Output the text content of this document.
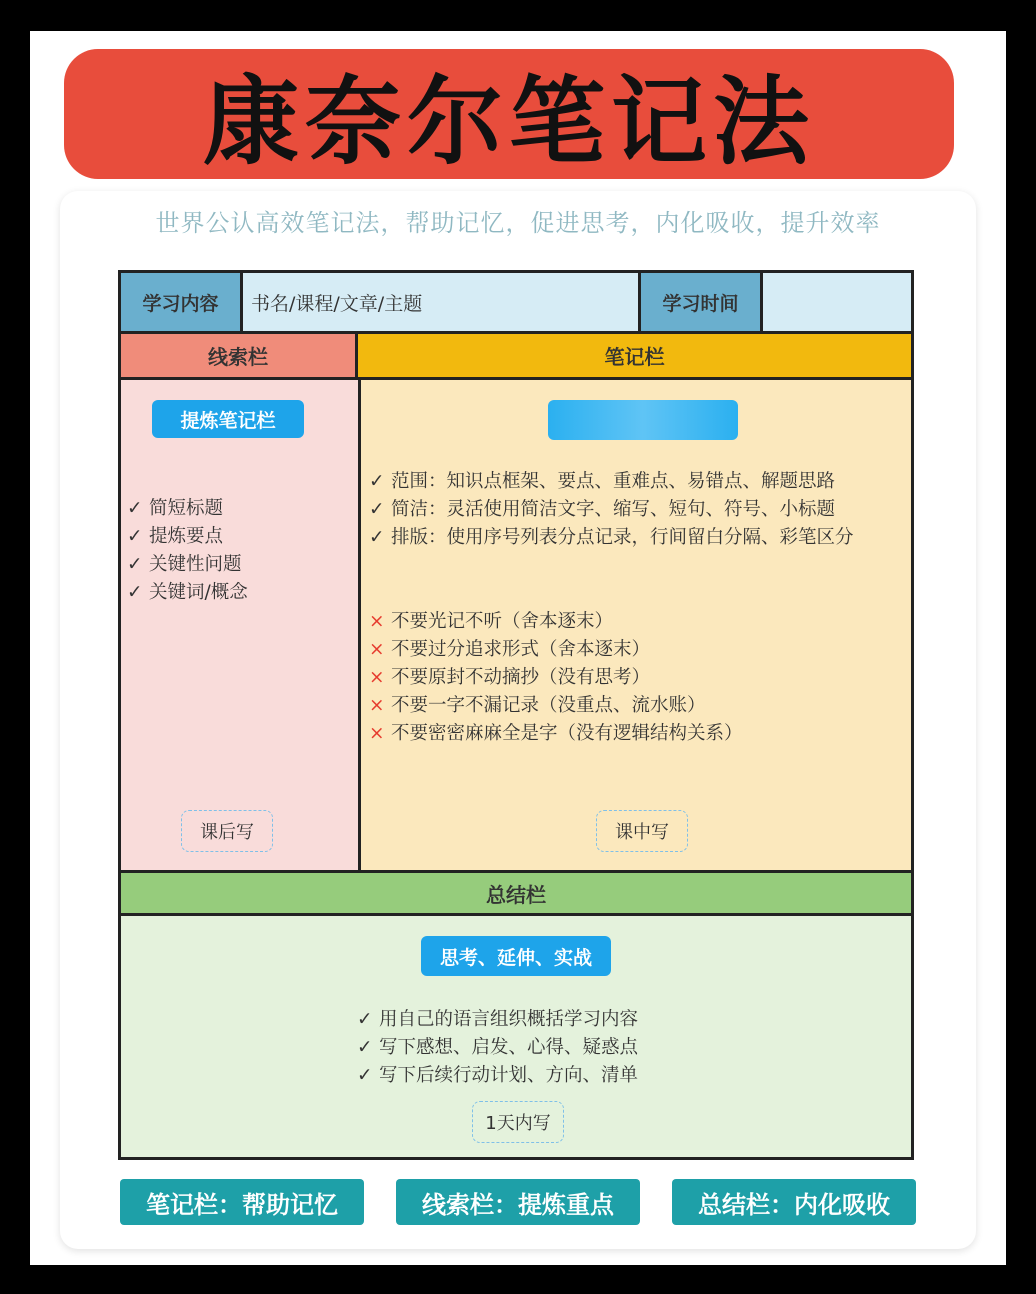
康奈尔笔记法
世界公认高效笔记法，帮助记忆，促进思考，内化吸收，提升效率
学习内容	书名/课程/文章/主题	学习时间
线索栏	笔记栏
提炼笔记栏
✓ 简短标题
✓ 提炼要点
✓ 关键性问题
✓ 关键词/概念
课后写
✓ 范围：知识点框架、要点、重难点、易错点、解题思路
✓ 简洁：灵活使用简洁文字、缩写、短句、符号、小标题
✓ 排版：使用序号列表分点记录，行间留白分隔、彩笔区分
× 不要光记不听（舍本逐末）
× 不要过分追求形式（舍本逐末）
× 不要原封不动摘抄（没有思考）
× 不要一字不漏记录（没重点、流水账）
× 不要密密麻麻全是字（没有逻辑结构关系）
课中写
总结栏
思考、延伸、实战
✓ 用自己的语言组织概括学习内容
✓ 写下感想、启发、心得、疑惑点
✓ 写下后续行动计划、方向、清单
1天内写
笔记栏：帮助记忆	线索栏：提炼重点	总结栏：内化吸收
